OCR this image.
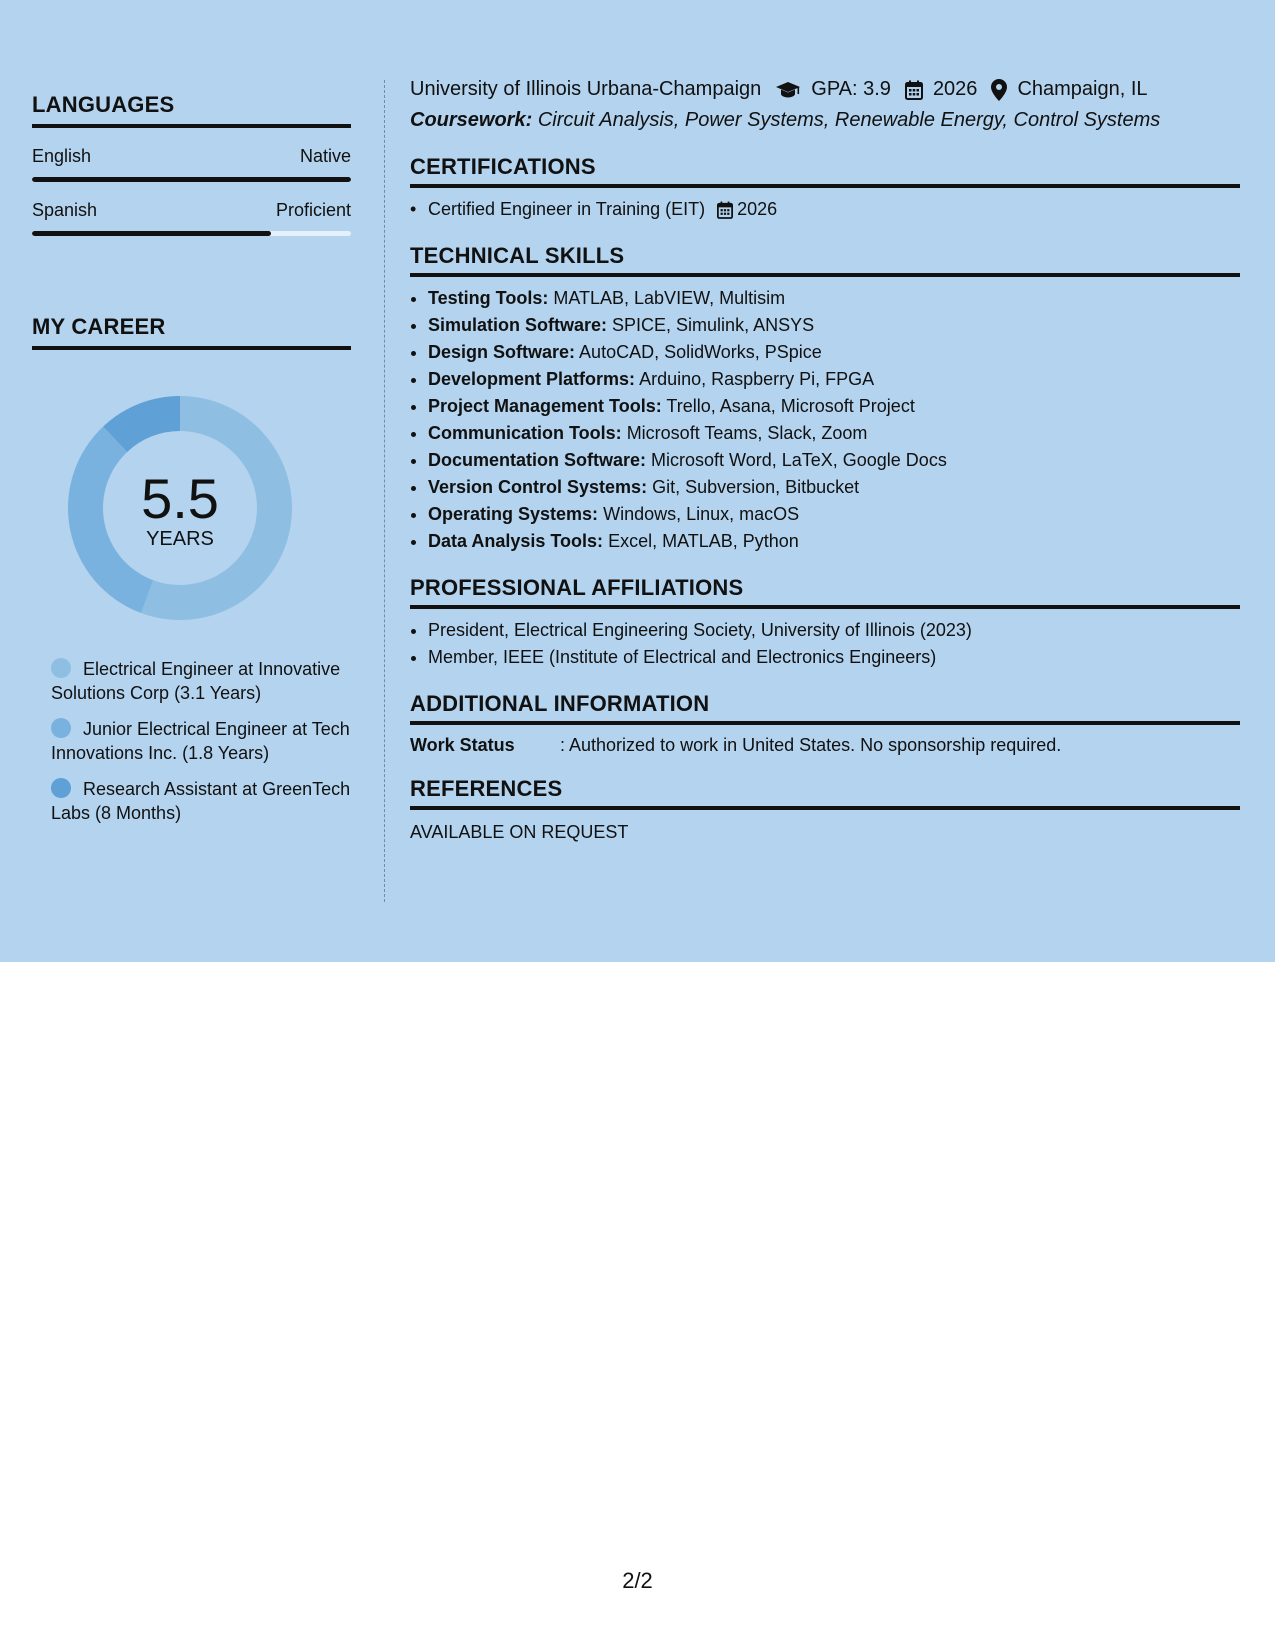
LANGUAGES
English	Native
Spanish	Proficient
MY CAREER
5.5
YEARS
Electrical Engineer at Innovative Solutions Corp (3.1 Years)
Junior Electrical Engineer at Tech Innovations Inc. (1.8 Years)
Research Assistant at GreenTech Labs (8 Months)
University of Illinois Urbana-Champaign	GPA: 3.9 2026 Champaign, IL
Coursework: Circuit Analysis, Power Systems, Renewable Energy, Control Systems
CERTIFICATIONS
• Certified Engineer in Training (EIT) 2026
TECHNICAL SKILLS
• Testing Tools: MATLAB, LabVIEW, Multisim
• Simulation Software: SPICE, Simulink, ANSYS
• Design Software: AutoCAD, SolidWorks, PSpice
• Development Platforms: Arduino, Raspberry Pi, FPGA
• Project Management Tools: Trello, Asana, Microsoft Project
• Communication Tools: Microsoft Teams, Slack, Zoom
• Documentation Software: Microsoft Word, LaTeX, Google Docs
• Version Control Systems: Git, Subversion, Bitbucket
• Operating Systems: Windows, Linux, macOS
• Data Analysis Tools: Excel, MATLAB, Python
PROFESSIONAL AFFILIATIONS
• President, Electrical Engineering Society, University of Illinois (2023)
• Member, IEEE (Institute of Electrical and Electronics Engineers)
ADDITIONAL INFORMATION
Work Status	: Authorized to work in United States. No sponsorship required.
REFERENCES
AVAILABLE ON REQUEST
2/2
